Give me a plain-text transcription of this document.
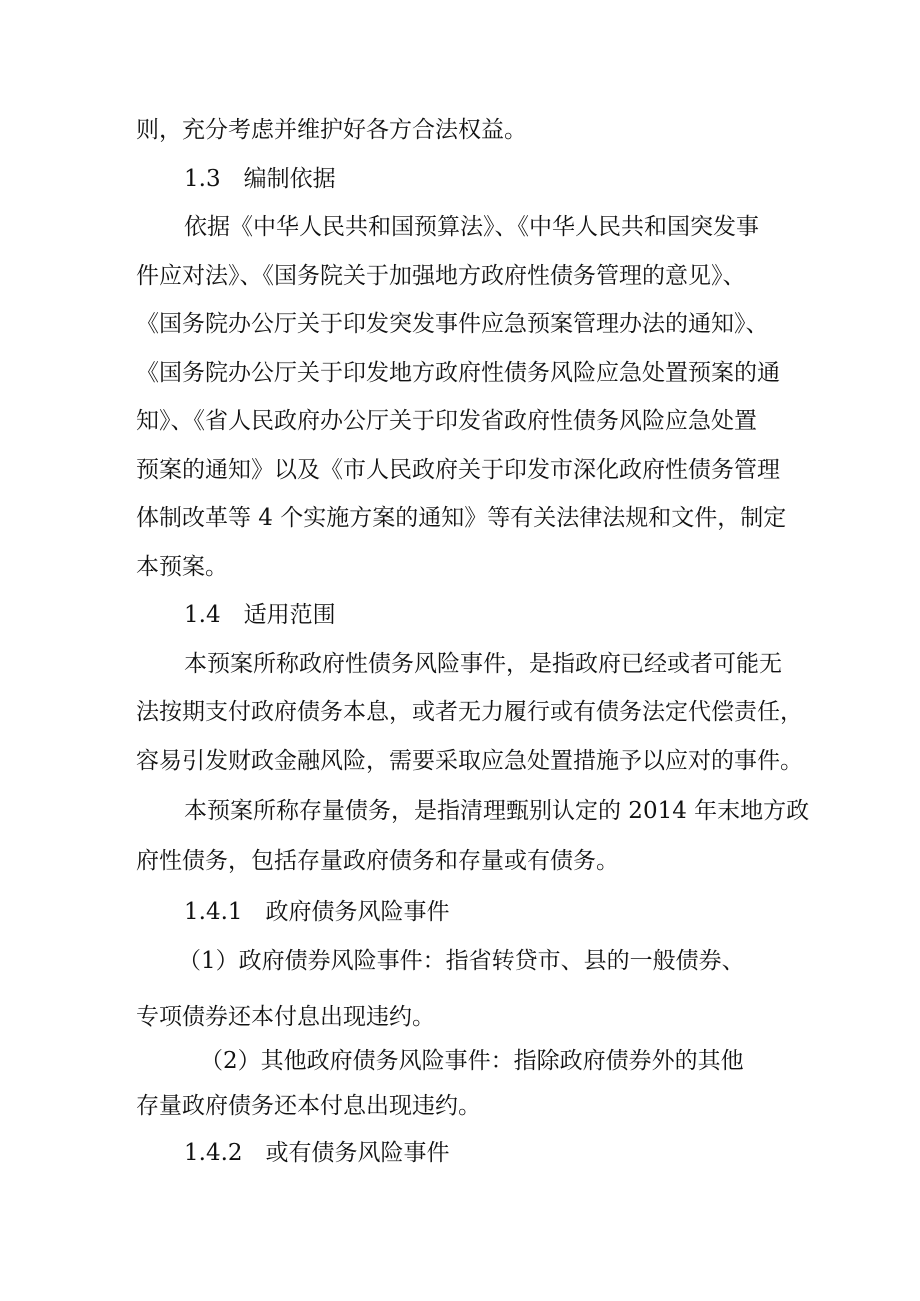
则，充分考虑并维护好各方合法权益。
1.3　编制依据
依据《中华人民共和国预算法》、《中华人民共和国突发事
件应对法》、《国务院关于加强地方政府性债务管理的意见》、
《国务院办公厅关于印发突发事件应急预案管理办法的通知》、
《国务院办公厅关于印发地方政府性债务风险应急处置预案的通
知》、《省人民政府办公厅关于印发省政府性债务风险应急处置
预案的通知》以及《市人民政府关于印发市深化政府性债务管理
体制改革等 4 个实施方案的通知》等有关法律法规和文件，制定
本预案。
1.4　适用范围
本预案所称政府性债务风险事件，是指政府已经或者可能无
法按期支付政府债务本息，或者无力履行或有债务法定代偿责任，
容易引发财政金融风险，需要采取应急处置措施予以应对的事件。
本预案所称存量债务，是指清理甄别认定的 2014 年末地方政
府性债务，包括存量政府债务和存量或有债务。
1.4.1　政府债务风险事件
（1）政府债券风险事件：指省转贷市、县的一般债券、
专项债券还本付息出现违约。
（2）其他政府债务风险事件：指除政府债券外的其他
存量政府债务还本付息出现违约。
1.4.2　或有债务风险事件
